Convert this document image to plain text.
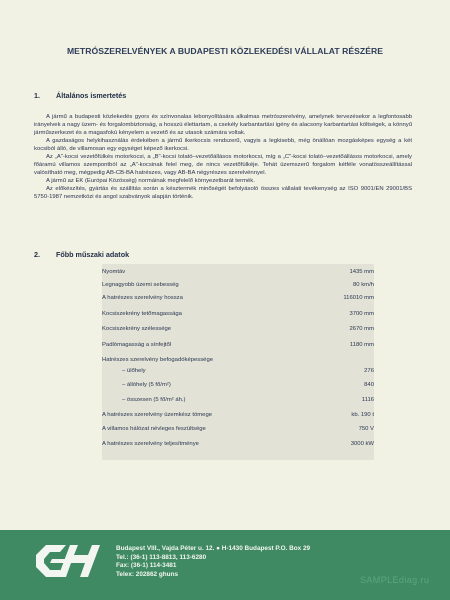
METRÓSZERELVÉNYEK A BUDAPESTI KÖZLEKEDÉSI VÁLLALAT RÉSZÉRE
1. Általános ismertetés

A jármű a budapesti közlekedés gyors és színvonalas lebonyolítására alkalmas metrószerelvény, amelynek tervezésekor a legfontosabb irányelvek a nagy üzem- és forgalombiztonság, a hosszú élettartam, a csekély karbantartási igény és alacsony karbantartási költségek, a könnyű járműszerkezet és a magasfokú kényelem a vezető és az utasok számára voltak.

A gazdaságos helykihasználás érdekében a jármű ikerkocsis rendszerű, vagyis a legkisebb, még önállóan mozgásképes egység a két kocsiból álló, de villamosan egy egységet képező ikerkocsi.

Az „A"-kocsi vezetőfülkés motorkocsi, a „B"-kocsi tolató–vezetőállásos motorkocsi, míg a „C"-kocsi tolató–vezetőállásos motorkocsi, amely főáramú villamos szempontból az „A"-kocsinak felel meg, de nincs vezetőfülkéje. Tehát üzemszerű forgalom kétféle vonatösszeállítással valósítható meg, mégpedig AB-CB-BA hatrészes, vagy AB-BA négyrészes szerelvénnyel.

A jármű az EK (Európai Közösség) normáinak megfelelő környezetbarát termék.

Az előkészítés, gyártás és szállítás során a késztermék minőségét befolyásoló összes vállalati tevékenység az ISO 9001/EN 29001/BS 5750-1987 nemzetközi és angol szabványok alapján történik.

2. Főbb műszaki adatok
Nyomtáv	1435 mm
Legnagyobb üzemi sebesség	80 km/h
A hatrészes szerelvény hossza	116010 mm
Kocsiszekrény tetőmagassága	3700 mm
Kocsiszekrény szélessége	2670 mm
Padlómagasság a sínfejtől	1180 mm
Hatrészes szerelvény befogadóképessége
– ülőhely	276
– állóhely (5 fő/m²)	840
– összesen (5 fő/m² áh.)	1116
A hatrészes szerelvény üzemkész tömege	kb. 190 t
A villamos hálózat névleges feszültsége	750 V
A hatrészes szerelvény teljesítménye	3000 kW
Budapest VIII., Vajda Péter u. 12. ● H-1430 Budapest P.O. Box 29
Tel.: (36-1) 113-8813, 113-6280
Fax: (36-1) 114-3481
Telex: 202862 ghuns
SAMPLEdiag.ru
